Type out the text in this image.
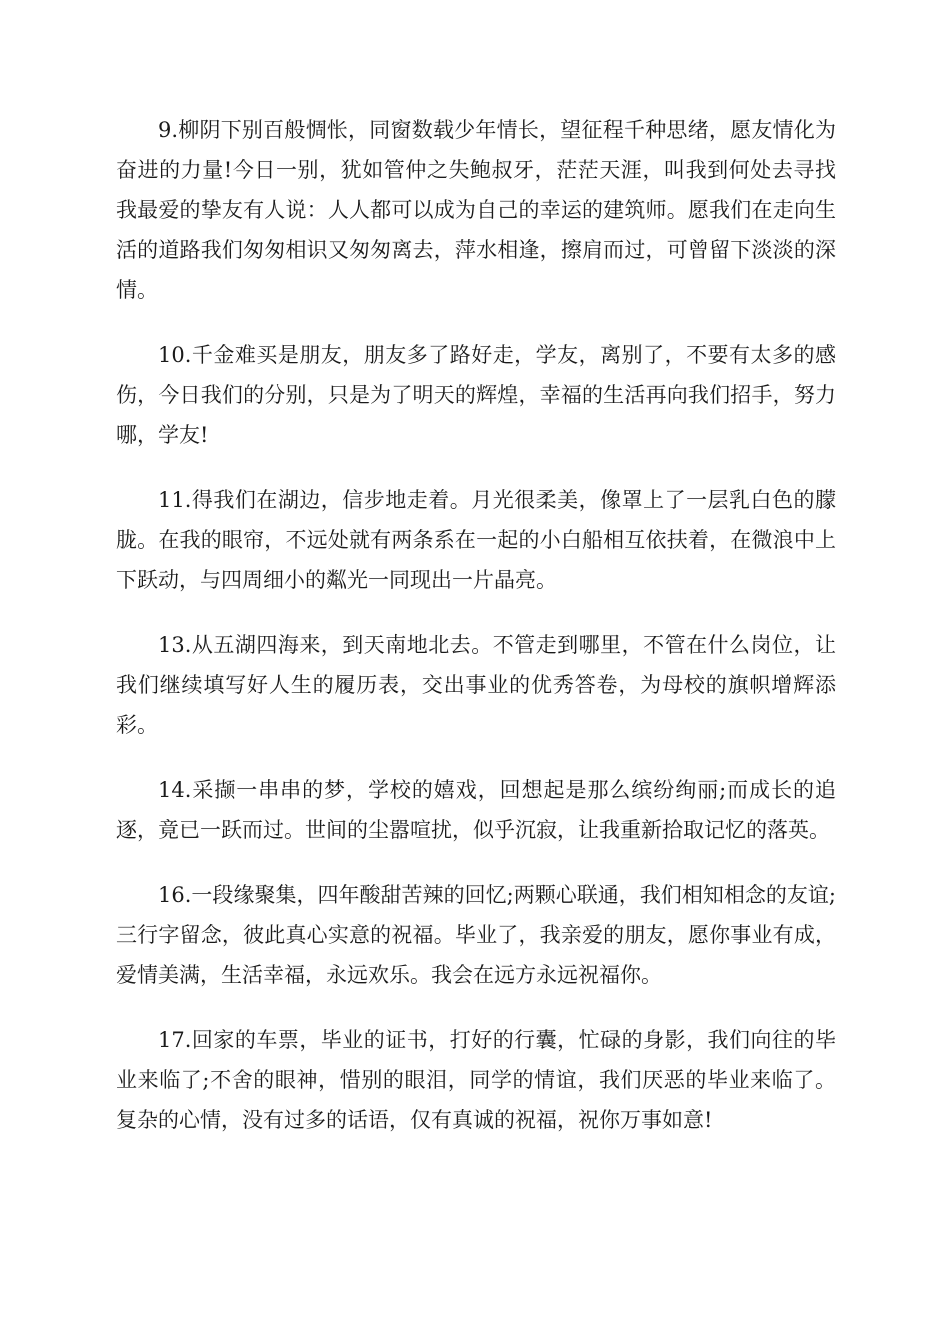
9.柳阴下别百般惆怅，同窗数载少年情长，望征程千种思绪，愿友情化为奋进的力量!今日一别，犹如管仲之失鲍叔牙，茫茫天涯，叫我到何处去寻找我最爱的挚友有人说：人人都可以成为自己的幸运的建筑师。愿我们在走向生活的道路我们匆匆相识又匆匆离去，萍水相逢，擦肩而过，可曾留下淡淡的深情。

10.千金难买是朋友，朋友多了路好走，学友，离别了，不要有太多的感伤，今日我们的分别，只是为了明天的辉煌，幸福的生活再向我们招手，努力哪，学友!

11.得我们在湖边，信步地走着。月光很柔美，像罩上了一层乳白色的朦胧。在我的眼帘，不远处就有两条系在一起的小白船相互依扶着，在微浪中上下跃动，与四周细小的粼光一同现出一片晶亮。

13.从五湖四海来，到天南地北去。不管走到哪里，不管在什么岗位，让我们继续填写好人生的履历表，交出事业的优秀答卷，为母校的旗帜增辉添彩。

14.采撷一串串的梦，学校的嬉戏，回想起是那么缤纷绚丽;而成长的追逐，竟已一跃而过。世间的尘嚣喧扰，似乎沉寂，让我重新拾取记忆的落英。

16.一段缘聚集，四年酸甜苦辣的回忆;两颗心联通，我们相知相念的友谊;三行字留念，彼此真心实意的祝福。毕业了，我亲爱的朋友，愿你事业有成，爱情美满，生活幸福，永远欢乐。我会在远方永远祝福你。

17.回家的车票，毕业的证书，打好的行囊，忙碌的身影，我们向往的毕业来临了;不舍的眼神，惜别的眼泪，同学的情谊，我们厌恶的毕业来临了。复杂的心情，没有过多的话语，仅有真诚的祝福，祝你万事如意!
